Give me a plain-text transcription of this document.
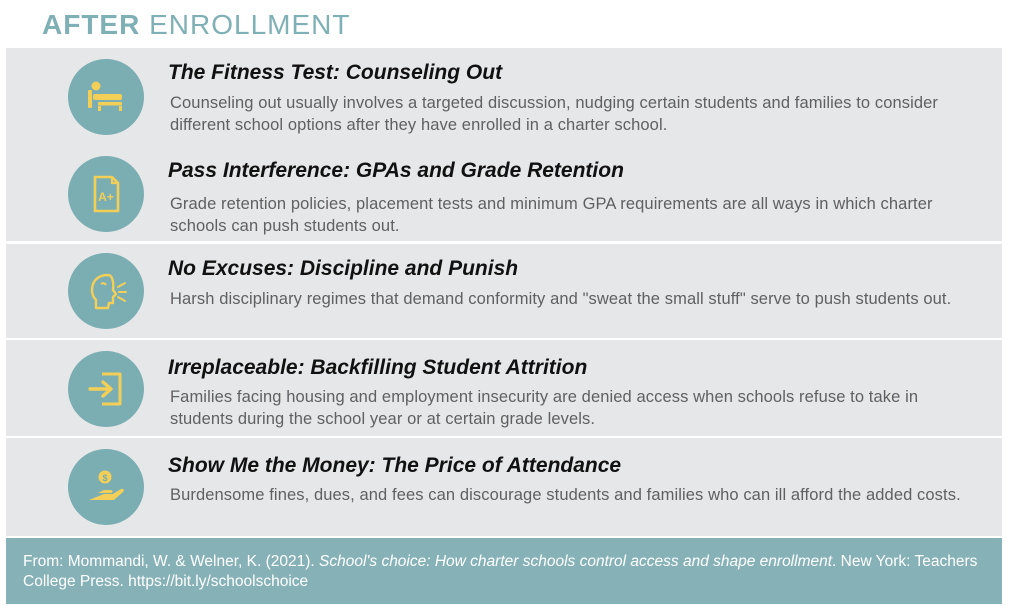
AFTER ENROLLMENT
The Fitness Test: Counseling Out
Counseling out usually involves a targeted discussion, nudging certain students and families to consider different school options after they have enrolled in a charter school.
A+
Pass Interference: GPAs and Grade Retention
Grade retention policies, placement tests and minimum GPA requirements are all ways in which charter schools can push students out.
No Excuses: Discipline and Punish
Harsh disciplinary regimes that demand conformity and "sweat the small stuff" serve to push students out.
Irreplaceable: Backfilling Student Attrition
Families facing housing and employment insecurity are denied access when schools refuse to take in students during the school year or at certain grade levels.
$
Show Me the Money: The Price of Attendance
Burdensome fines, dues, and fees can discourage students and families who can ill afford the added costs.
From: Mommandi, W. & Welner, K. (2021). School's choice: How charter schools control access and shape enrollment. New York: Teachers College Press. https://bit.ly/schoolschoice
